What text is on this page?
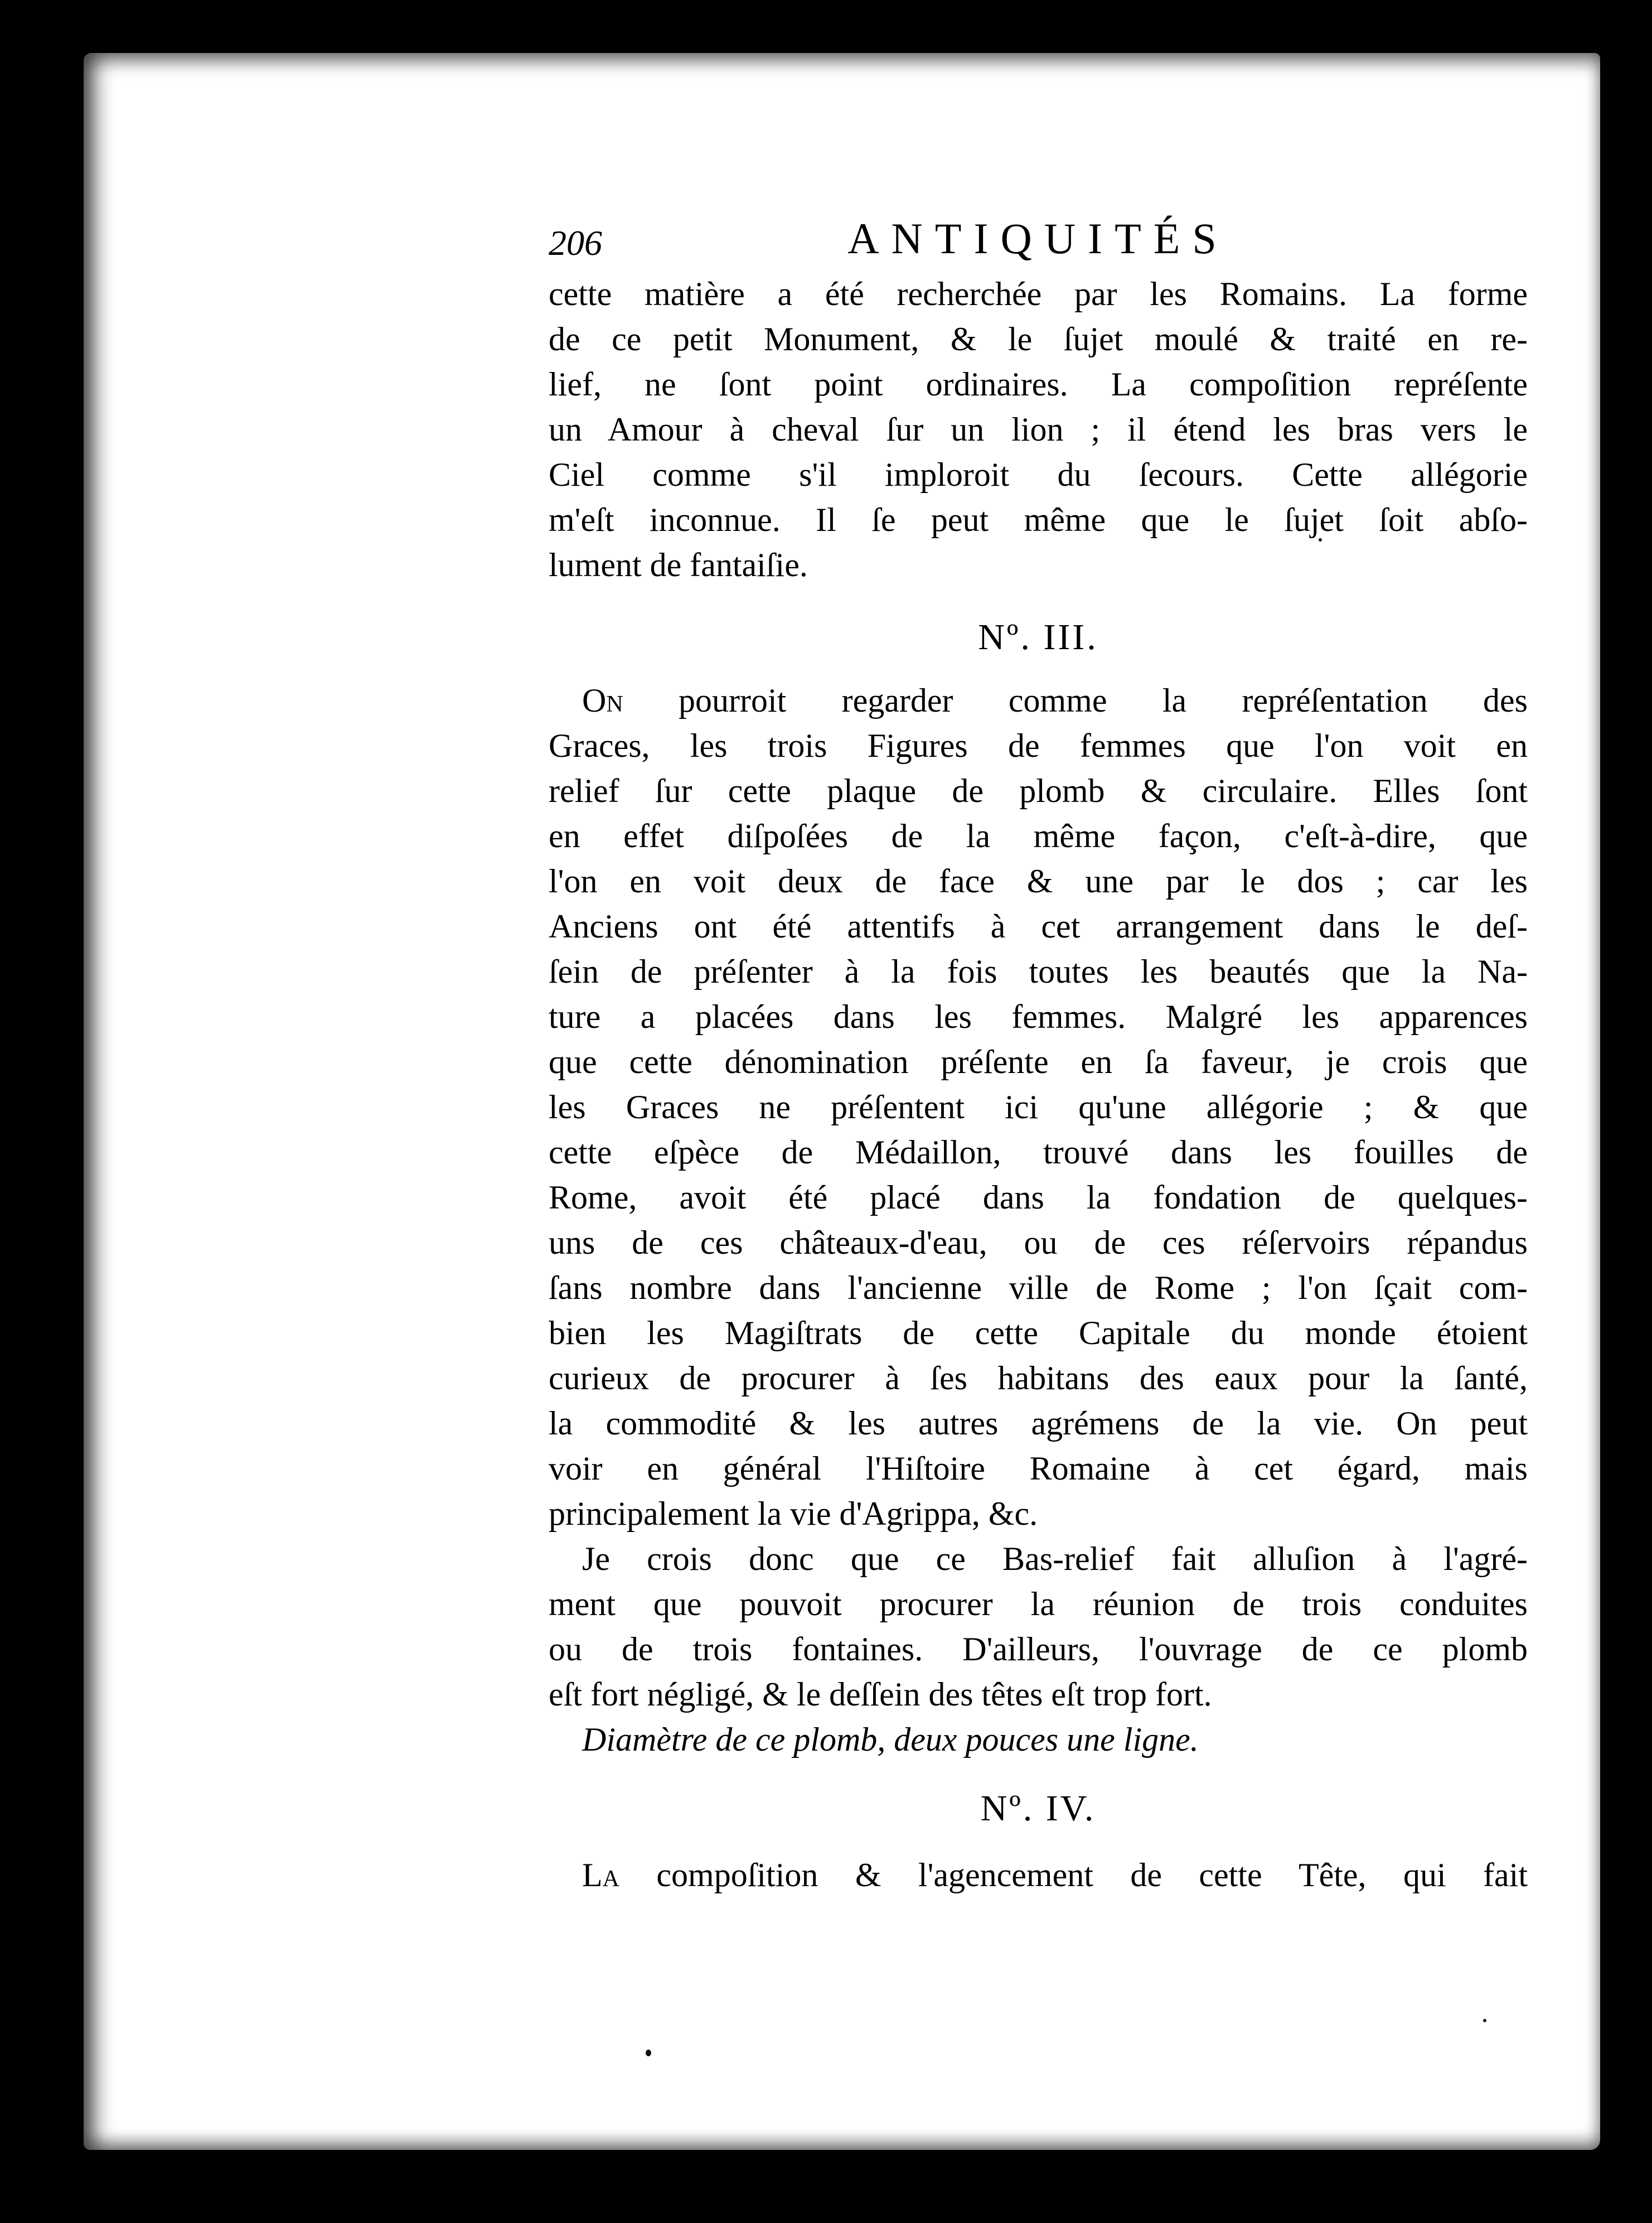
206	ANTIQUITÉS
cette matière a été recherchée par les Romains. La forme
de ce petit Monument, & le ſujet moulé & traité en re-
lief, ne ſont point ordinaires. La compoſition repréſente
un Amour à cheval ſur un lion ; il étend les bras vers le
Ciel comme s'il imploroit du ſecours. Cette allégorie
m'eſt inconnue. Il ſe peut même que le ſujet ſoit abſo-
lument de fantaiſie.
Nº. III.
On pourroit regarder comme la repréſentation des
Graces, les trois Figures de femmes que l'on voit en
relief ſur cette plaque de plomb & circulaire. Elles ſont
en effet diſpoſées de la même façon, c'eſt-à-dire, que
l'on en voit deux de face & une par le dos ; car les
Anciens ont été attentifs à cet arrangement dans le deſ-
ſein de préſenter à la fois toutes les beautés que la Na-
ture a placées dans les femmes. Malgré les apparences
que cette dénomination préſente en ſa faveur, je crois que
les Graces ne préſentent ici qu'une allégorie ; & que
cette eſpèce de Médaillon, trouvé dans les fouilles de
Rome, avoit été placé dans la fondation de quelques-
uns de ces châteaux-d'eau, ou de ces réſervoirs répandus
ſans nombre dans l'ancienne ville de Rome ; l'on ſçait com-
bien les Magiſtrats de cette Capitale du monde étoient
curieux de procurer à ſes habitans des eaux pour la ſanté,
la commodité & les autres agrémens de la vie. On peut
voir en général l'Hiſtoire Romaine à cet égard, mais
principalement la vie d'Agrippa, &c.
Je crois donc que ce Bas-relief fait alluſion à l'agré-
ment que pouvoit procurer la réunion de trois conduites
ou de trois fontaines. D'ailleurs, l'ouvrage de ce plomb
eſt fort négligé, & le deſſein des têtes eſt trop fort.
Diamètre de ce plomb, deux pouces une ligne.
Nº. IV.
La compoſition & l'agencement de cette Tête, qui fait
